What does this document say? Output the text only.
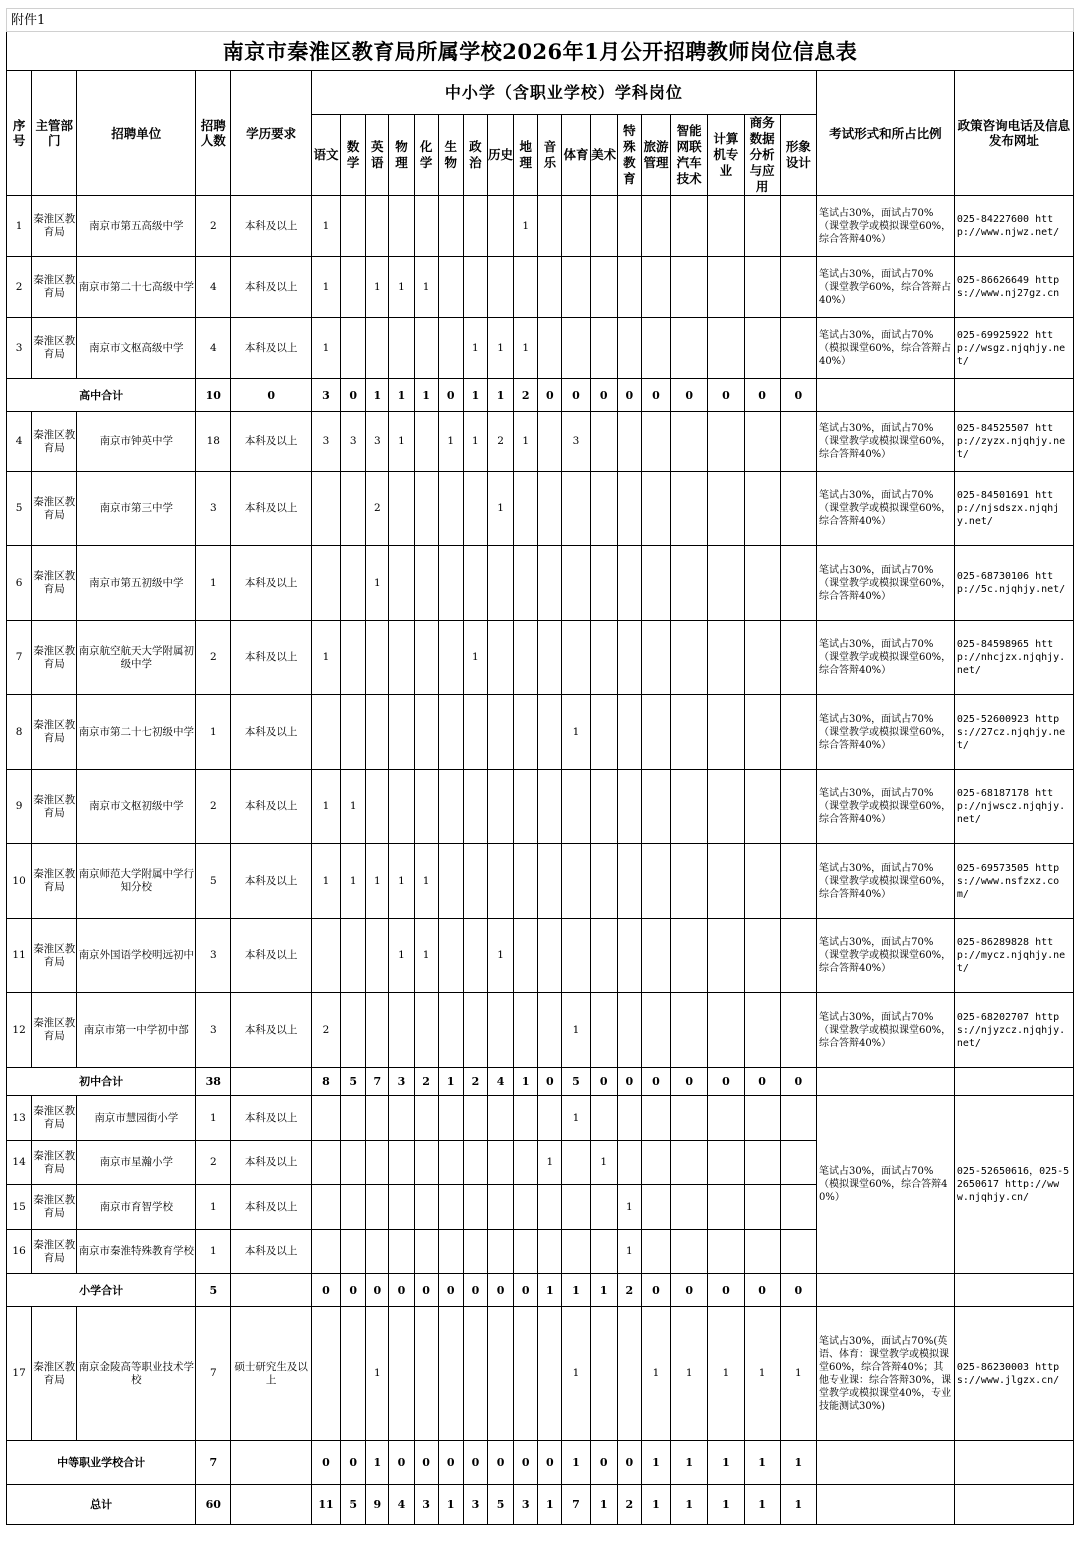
附件1																								
南京市秦淮区教育局所属学校2026年1月公开招聘教师岗位信息表																								
序号	主管部门	招聘单位	招聘人数	学历要求	中小学（含职业学校）学科岗位																		考试形式和所占比例	政策咨询电话及信息发布网址
					语文	数学	英语	物理	化学	生物	政治	历史	地理	音乐	体育	美术	特殊教育	旅游管理	智能网联汽车技术	计算机专业	商务数据分析与应用	形象设计		
1	秦淮区教育局	南京市第五高级中学	2	本科及以上	1								1										笔试占30%，面试占70%（课堂教学或模拟课堂60%，综合答辩40%）	025-84227600 http://www.njwz.net/
2	秦淮区教育局	南京市第二十七高级中学	4	本科及以上	1		1	1	1														笔试占30%，面试占70%（课堂教学60%，综合答辩占40%）	025-86626649 https://www.nj27gz.cn
3	秦淮区教育局	南京市文枢高级中学	4	本科及以上	1						1	1	1										笔试占30%，面试占70%（模拟课堂60%，综合答辩占40%）	025-69925922 http://wsgz.njqhjy.net/
高中合计			10	0	3	0	1	1	1	0	1	1	2	0	0	0	0	0	0	0	0	0		
4	秦淮区教育局	南京市钟英中学	18	本科及以上	3	3	3	1		1	1	2	1		3								笔试占30%，面试占70%（课堂教学或模拟课堂60%，综合答辩40%）	025-84525507 http://zyzx.njqhjy.net/
5	秦淮区教育局	南京市第三中学	3	本科及以上			2					1											笔试占30%，面试占70%（课堂教学或模拟课堂60%，综合答辩40%）	025-84501691 http://njsdszx.njqhjy.net/
6	秦淮区教育局	南京市第五初级中学	1	本科及以上			1																笔试占30%，面试占70%（课堂教学或模拟课堂60%，综合答辩40%）	025-68730106 http://5c.njqhjy.net/
7	秦淮区教育局	南京航空航天大学附属初级中学	2	本科及以上	1						1												笔试占30%，面试占70%（课堂教学或模拟课堂60%，综合答辩40%）	025-84598965 http://nhcjzx.njqhjy.net/
8	秦淮区教育局	南京市第二十七初级中学	1	本科及以上											1								笔试占30%，面试占70%（课堂教学或模拟课堂60%，综合答辩40%）	025-52600923 https://27cz.njqhjy.net/
9	秦淮区教育局	南京市文枢初级中学	2	本科及以上	1	1																	笔试占30%，面试占70%（课堂教学或模拟课堂60%，综合答辩40%）	025-68187178 http://njwscz.njqhjy.net/
10	秦淮区教育局	南京师范大学附属中学行知分校	5	本科及以上	1	1	1	1	1														笔试占30%，面试占70%（课堂教学或模拟课堂60%，综合答辩40%）	025-69573505 https://www.nsfzxz.com/
11	秦淮区教育局	南京外国语学校明远初中	3	本科及以上				1	1			1											笔试占30%，面试占70%（课堂教学或模拟课堂60%，综合答辩40%）	025-86289828 http://mycz.njqhjy.net/
12	秦淮区教育局	南京市第一中学初中部	3	本科及以上	2										1								笔试占30%，面试占70%（课堂教学或模拟课堂60%，综合答辩40%）	025-68202707 https://njyzcz.njqhjy.net/
初中合计			38		8	5	7	3	2	1	2	4	1	0	5	0	0	0	0	0	0	0		
13	秦淮区教育局	南京市慧园街小学	1	本科及以上											1								笔试占30%，面试占70%（模拟课堂60%，综合答辩40%）	025-52650616，025-52650617 http://www.njqhjy.cn/
14	秦淮区教育局	南京市星瀚小学	2	本科及以上										1		1								
15	秦淮区教育局	南京市育智学校	1	本科及以上													1							
16	秦淮区教育局	南京市秦淮特殊教育学校	1	本科及以上													1							
小学合计			5		0	0	0	0	0	0	0	0	0	1	1	1	2	0	0	0	0	0		
17	秦淮区教育局	南京金陵高等职业技术学校	7	硕士研究生及以上			1								1			1	1	1	1	1	笔试占30%，面试占70%(英语、体育：课堂教学或模拟课堂60%，综合答辩40%；其他专业课：综合答辩30%，课堂教学或模拟课堂40%，专业技能测试30%)	025-86230003 https://www.jlgzx.cn/
中等职业学校合计			7		0	0	1	0	0	0	0	0	0	0	1	0	0	1	1	1	1	1		
总计			60		11	5	9	4	3	1	3	5	3	1	7	1	2	1	1	1	1	1		
